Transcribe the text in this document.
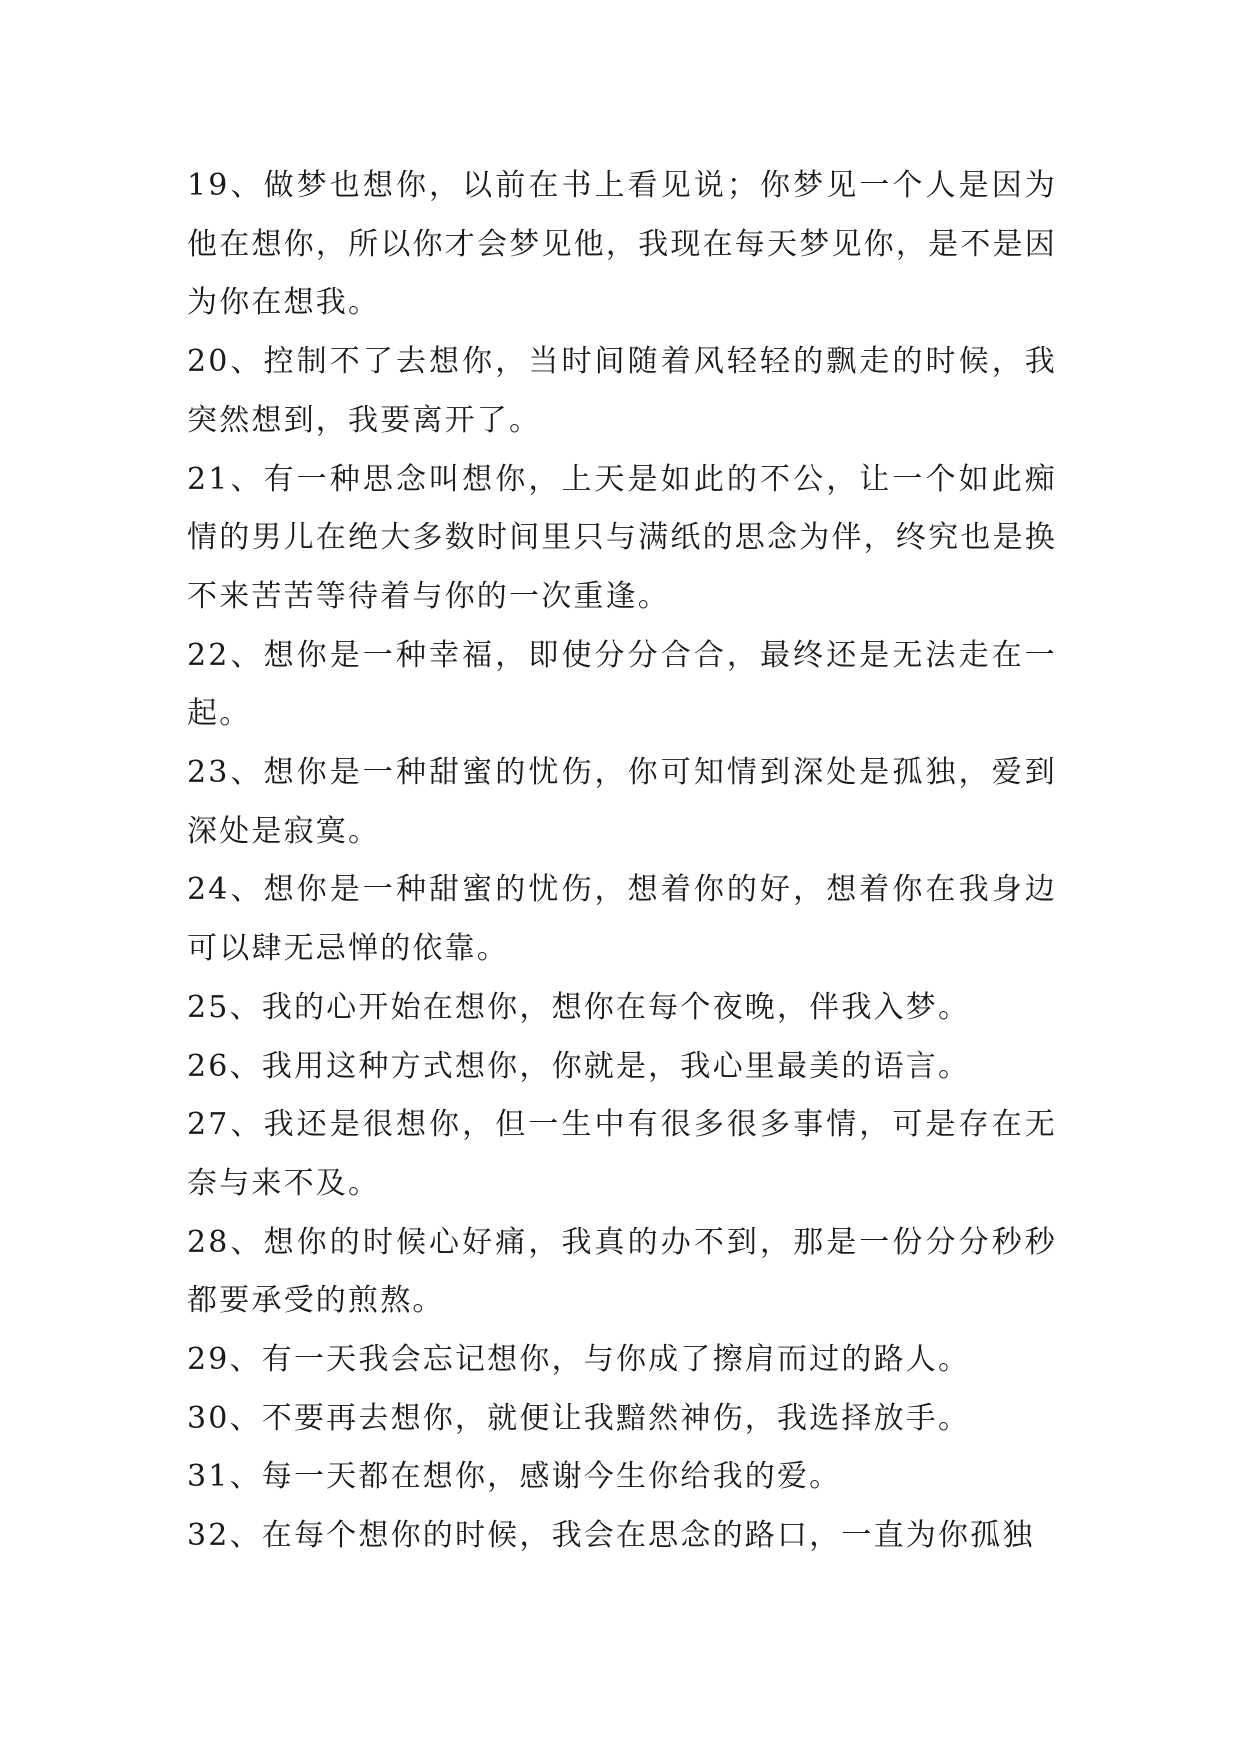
19、做梦也想你，以前在书上看见说；你梦见一个人是因为他在想你，所以你才会梦见他，我现在每天梦见你，是不是因为你在想我。

20、控制不了去想你，当时间随着风轻轻的飘走的时候，我突然想到，我要离开了。

21、有一种思念叫想你，上天是如此的不公，让一个如此痴情的男儿在绝大多数时间里只与满纸的思念为伴，终究也是换不来苦苦等待着与你的一次重逢。

22、想你是一种幸福，即使分分合合，最终还是无法走在一起。

23、想你是一种甜蜜的忧伤，你可知情到深处是孤独，爱到深处是寂寞。

24、想你是一种甜蜜的忧伤，想着你的好，想着你在我身边可以肆无忌惮的依靠。

25、我的心开始在想你，想你在每个夜晚，伴我入梦。

26、我用这种方式想你，你就是，我心里最美的语言。

27、我还是很想你，但一生中有很多很多事情，可是存在无奈与来不及。

28、想你的时候心好痛，我真的办不到，那是一份分分秒秒都要承受的煎熬。

29、有一天我会忘记想你，与你成了擦肩而过的路人。

30、不要再去想你，就便让我黯然神伤，我选择放手。

31、每一天都在想你，感谢今生你给我的爱。

32、在每个想你的时候，我会在思念的路口，一直为你孤独
